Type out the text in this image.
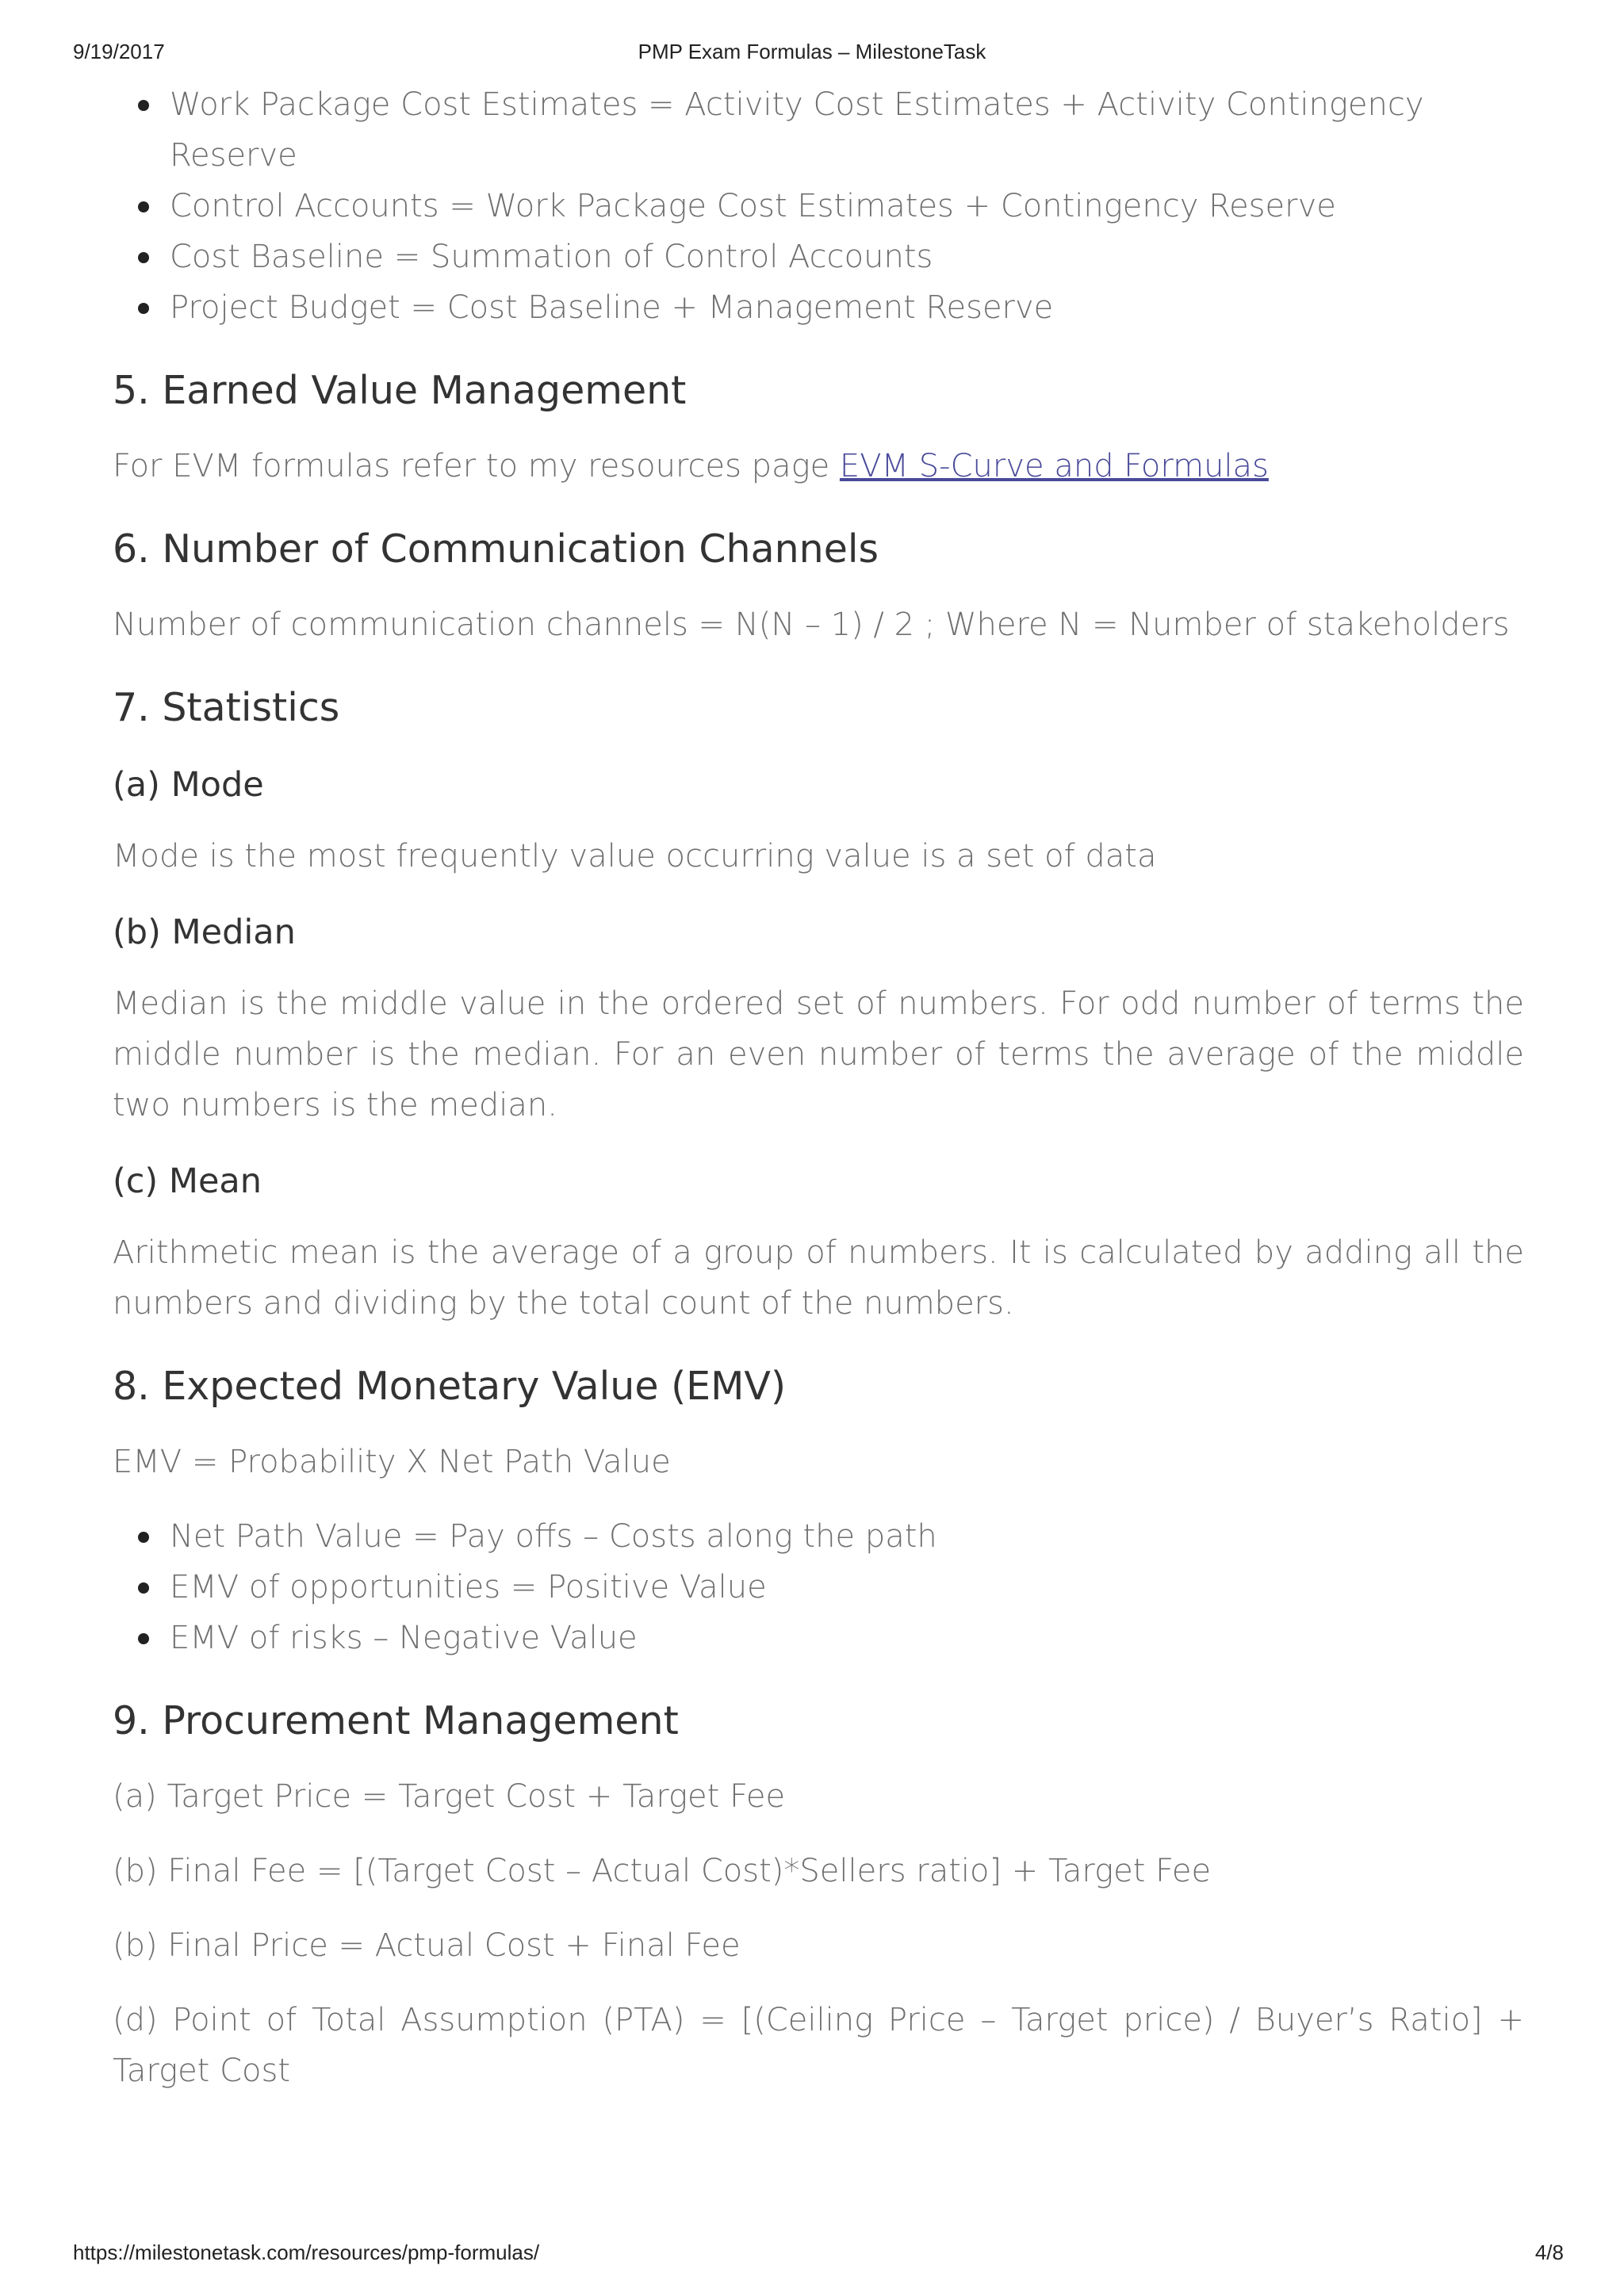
PMP Exam Formulas – MilestoneTask
9/19/2017
Work Package Cost Estimates = Activity Cost Estimates + Activity Contingency Reserve
Control Accounts = Work Package Cost Estimates + Contingency Reserve
Cost Baseline = Summation of Control Accounts
Project Budget = Cost Baseline + Management Reserve
5. Earned Value Management

For EVM formulas refer to my resources page EVM S-Curve and Formulas

6. Number of Communication Channels

Number of communication channels = N(N – 1) / 2 ; Where N = Number of stakeholders

7. Statistics
(a) Mode

Mode is the most frequently value occurring value is a set of data

(b) Median

Median is the middle value in the ordered set of numbers. For odd number of terms the middle number is the median. For an even number of terms the average of the middle two numbers is the median.

(c) Mean

Arithmetic mean is the average of a group of numbers. It is calculated by adding all the numbers and dividing by the total count of the numbers.

8. Expected Monetary Value (EMV)

EMV = Probability X Net Path Value

Net Path Value = Pay offs – Costs along the path
EMV of opportunities = Positive Value
EMV of risks – Negative Value
9. Procurement Management

(a) Target Price = Target Cost + Target Fee

(b) Final Fee = [(Target Cost – Actual Cost)*Sellers ratio] + Target Fee

(b) Final Price = Actual Cost + Final Fee

(d) Point of Total Assumption (PTA) = [(Ceiling Price – Target price) / Buyer’s Ratio] + Target Cost

https://milestonetask.com/resources/pmp-formulas/	4/8
